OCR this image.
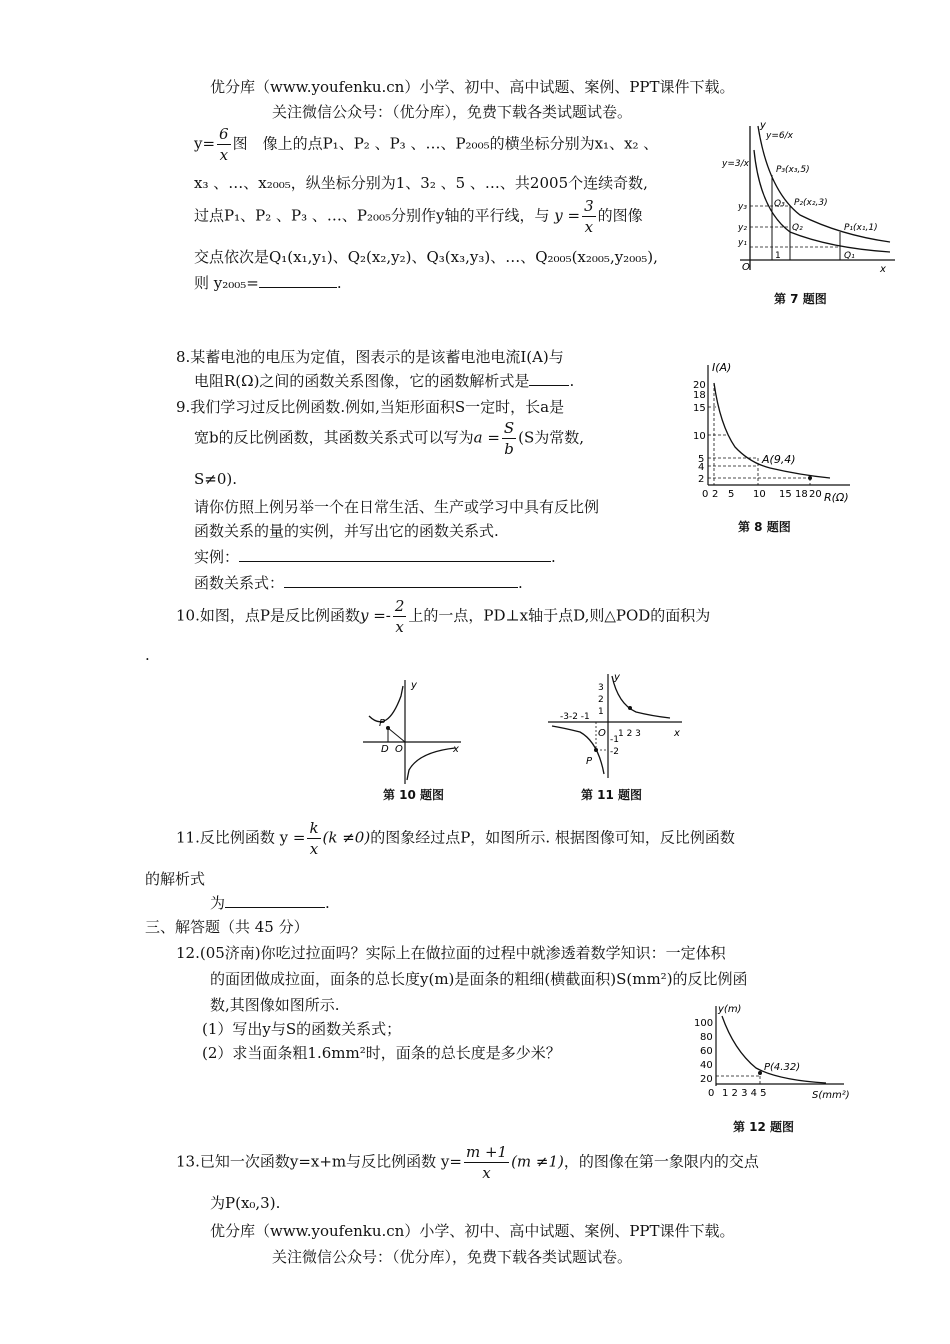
优分库（www.youfenku.cn）小学、初中、高中试题、案例、PPT课件下载。
关注微信公众号：（优分库），免费下载各类试题试卷。
$y= \frac{6}{x}$ 图　像上的点P₁、P₂ 、P₃ 、…、P₂₀₀₅的横坐标分别为x₁、x₂ 、
x₃ 、…、x₂₀₀₅，纵坐标分别为1、3₂ 、5 、…、共2005个连续奇数,
过点P₁、P₂ 、P₃ 、…、P₂₀₀₅分别作y轴的平行线，与 $y = \frac{3}{x}$ 的图像
交点依次是Q₁(x₁,y₁)、Q₂(x₂,y₂)、Q₃(x₃,y₃)、…、Q₂₀₀₅(x₂₀₀₅,y₂₀₀₅),
则 y₂₀₀₅=	.
y
x
y=6/x
y=3/x
P₃(x₃,5)
P₂(x₂,3)
P₁(x₁,1)
Q₃
Q₂
Q₁
y₃
y₂
y₁
O
1
第 7 题图
8.某蓄电池的电压为定值，图表示的是该蓄电池电流I(A)与
电阻R(Ω)之间的函数关系图像，它的函数解析式是	.
I(A)
R(Ω)
A(9,4)
20
18
15
10
5
4
2
0 2 5 10 15 18 20
第 8 题图
9.我们学习过反比例函数.例如,当矩形面积S一定时，长a是
宽b的反比例函数，其函数关系式可以写为$a = \frac{S}{b} (S$为常数,
S≠0).
请你仿照上例另举一个在日常生活、生产或学习中具有反比例
函数关系的量的实例，并写出它的函数关系式.
实例：	.
函数关系式：	.
10.如图，点P是反比例函数$y =- \frac{2}{x}$ 上的一点，PD⊥x轴于点D,则△POD的面积为
.
y
x
P
D O
第 10 题图
y
x
O
P
-3-2 -1
1 2 3
3
2
1
-1
-2
第 11 题图
11.反比例函数 $y = \frac{k}{x} (k \ne 0)$的图象经过点P，如图所示. 根据图像可知，反比例函数
的解析式
为	.
三、解答题（共 45 分）
12.(05济南)你吃过拉面吗？实际上在做拉面的过程中就渗透着数学知识：一定体积
的面团做成拉面，面条的总长度y(m)是面条的粗细(横截面积)S(mm²)的反比例函
数,其图像如图所示.
(1）写出y与S的函数关系式；
(2）求当面条粗1.6mm²时，面条的总长度是多少米？
y(m)
S(mm²)
P(4.32)
100
80
60
40
20
0 1 2 3 4 5
第 12 题图
13.已知一次函数y=x+m与反比例函数 $y= \frac{m +1}{x} (m \ne 1)$，的图像在第一象限内的交点
为P(x₀,3).
优分库（www.youfenku.cn）小学、初中、高中试题、案例、PPT课件下载。
关注微信公众号：（优分库），免费下载各类试题试卷。
